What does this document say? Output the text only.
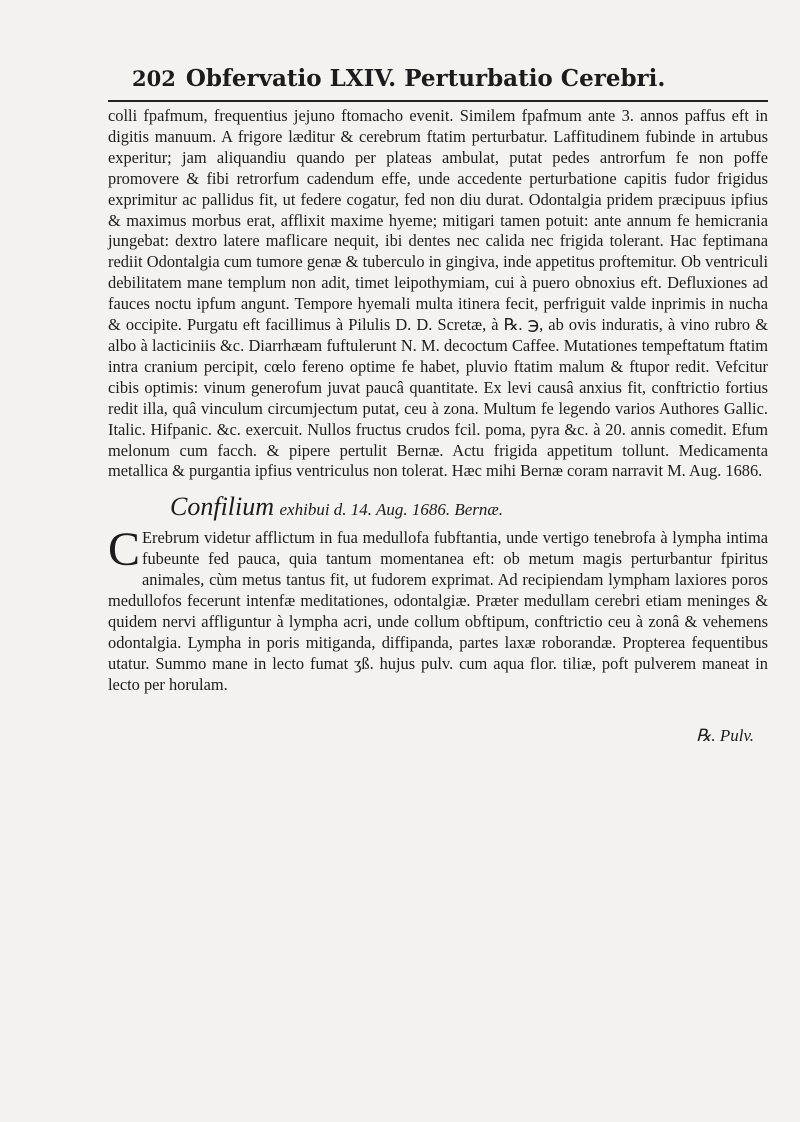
202 Obfervatio LXIV. Perturbatio Cerebri.

colli fpafmum, frequentius jejuno ftomacho evenit. Similem fpafmum ante 3. annos paffus eft in digitis manuum. A frigore læditur & cerebrum ftatim perturbatur. Laffitudinem fubinde in artubus experitur; jam aliquandiu quando per plateas ambulat, putat pedes antrorfum fe non poffe promovere & fibi retrorfum cadendum effe, unde accedente perturbatione capitis fudor frigidus exprimitur ac pallidus fit, ut federe cogatur, fed non diu durat. Odontalgia pridem præcipuus ipfius & maximus morbus erat, afflixit maxime hyeme; mitigari tamen potuit: ante annum fe hemicrania jungebat: dextro latere maflicare nequit, ibi dentes nec calida nec frigida tolerant. Hac feptimana rediit Odontalgia cum tumore genæ & tuberculo in gingiva, inde appetitus proftemitur. Ob ventriculi debilitatem mane templum non adit, timet leipothymiam, cui à puero obnoxius eft. Defluxiones ad fauces noctu ipfum angunt. Tempore hyemali multa itinera fecit, perfriguit valde inprimis in nucha & occipite. Purgatu eft facillimus à Pilulis D. D. Scretæ, à ℞. ℈, ab ovis induratis, à vino rubro & albo à lacticiniis &c. Diarrhæam fuftulerunt N. M. decoctum Caffee. Mutationes tempeftatum ftatim intra cranium percipit, cœlo fereno optime fe habet, pluvio ftatim malum & ftupor redit. Vefcitur cibis optimis: vinum generofum juvat paucâ quantitate. Ex levi causâ anxius fit, conftrictio fortius redit illa, quâ vinculum circumjectum putat, ceu à zona. Multum fe legendo varios Authores Gallic. Italic. Hifpanic. &c. exercuit. Nullos fructus crudos fcil. poma, pyra &c. à 20. annis comedit. Efum melonum cum facch. & pipere pertulit Bernæ. Actu frigida appetitum tollunt. Medicamenta metallica & purgantia ipfius ventriculus non tolerat. Hæc mihi Bernæ coram narravit M. Aug. 1686.

Confilium exhibui d. 14. Aug. 1686. Bernæ.
C Erebrum videtur afflictum in fua medullofa fubftantia, unde vertigo tenebrofa à lympha intima fubeunte fed pauca, quia tantum momentanea eft: ob metum magis perturbantur fpiritus animales, cùm metus tantus fit, ut fudorem exprimat. Ad recipiendam lympham laxiores poros medullofos fecerunt intenfæ meditationes, odontalgiæ. Præter medullam cerebri etiam meninges & quidem nervi affliguntur à lympha acri, unde collum obftipum, conftrictio ceu à zonâ & vehemens odontalgia. Lympha in poris mitiganda, diffipanda, partes laxæ roborandæ. Propterea fequentibus utatur. Summo mane in lecto fumat ʒß. hujus pulv. cum aqua flor. tiliæ, poft pulverem maneat in lecto per horulam.

℞. Pulv.
